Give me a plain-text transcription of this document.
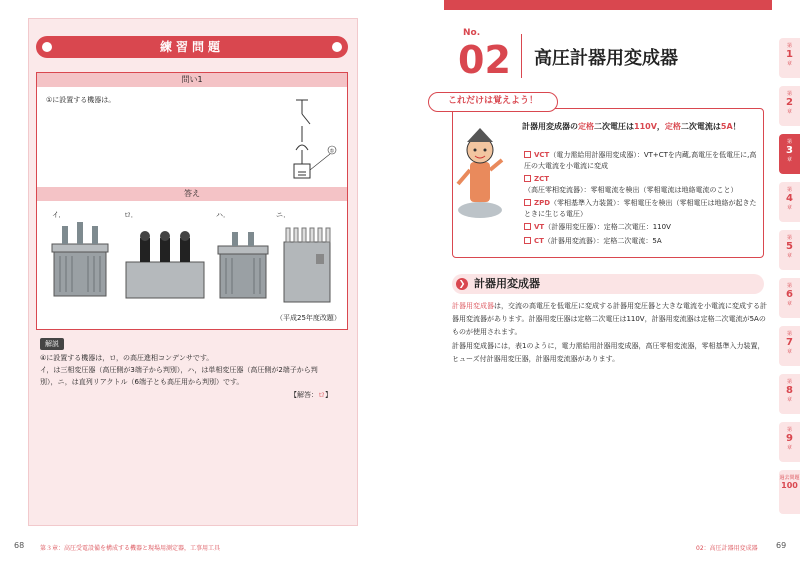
練習問題
問い1
①に設置する機器は。
①
答え
イ．	ロ．	ハ．	ニ．
（平成25年度改題）
解説
④に設置する機器は，ロ，の高圧進相コンデンサです。
イ，は三相変圧器（高圧側が3端子から判別），ハ，は単相変圧器（高圧側が2端子から判
別），ニ，は直列リアクトル（6端子とも高圧用から判別）です。
【解答：ロ】
68	第３章：高圧受電設備を構成する機器と現場用測定器，工事用工具
No.
02 高圧計器用変成器
これだけは覚えよう！
計器用変成器の定格二次電圧は110V，定格二次電流は5A！
VCT（電力需給用計器用変成器）：VT+CTを内蔵,高電圧を低電圧に,高圧の大電流を小電流に変成
ZCT（高圧零相変流器）：零相電流を検出（零相電流は地絡電流のこと）
ZPD（零相基準入力装置）：零相電圧を検出（零相電圧は地絡が起きたときに生じる電圧）
VT（計器用変圧器）：定格二次電圧：110V
CT（計器用変流器）：定格二次電流：5A
計器用変成器
❯
計器用変成器は，交流の高電圧を低電圧に変成する計器用変圧器と大きな電流を小電流に変成する計器用変流器があります。計器用変圧器は定格二次電圧は110V，計器用変流器は定格二次電流が5Aのものが使用されます。
計器用変成器には，表1のように，電力需給用計器用変成器，高圧零相変流器，零相基準入力装置，ヒューズ付計器用変圧器，計器用変流器があります。
69
02：高圧計器用変成器
第
1
章
第
2
章
第
3
章
第
4
章
第
5
章
第
6
章
第
7
章
第
8
章
第
9
章
過去問題
100
